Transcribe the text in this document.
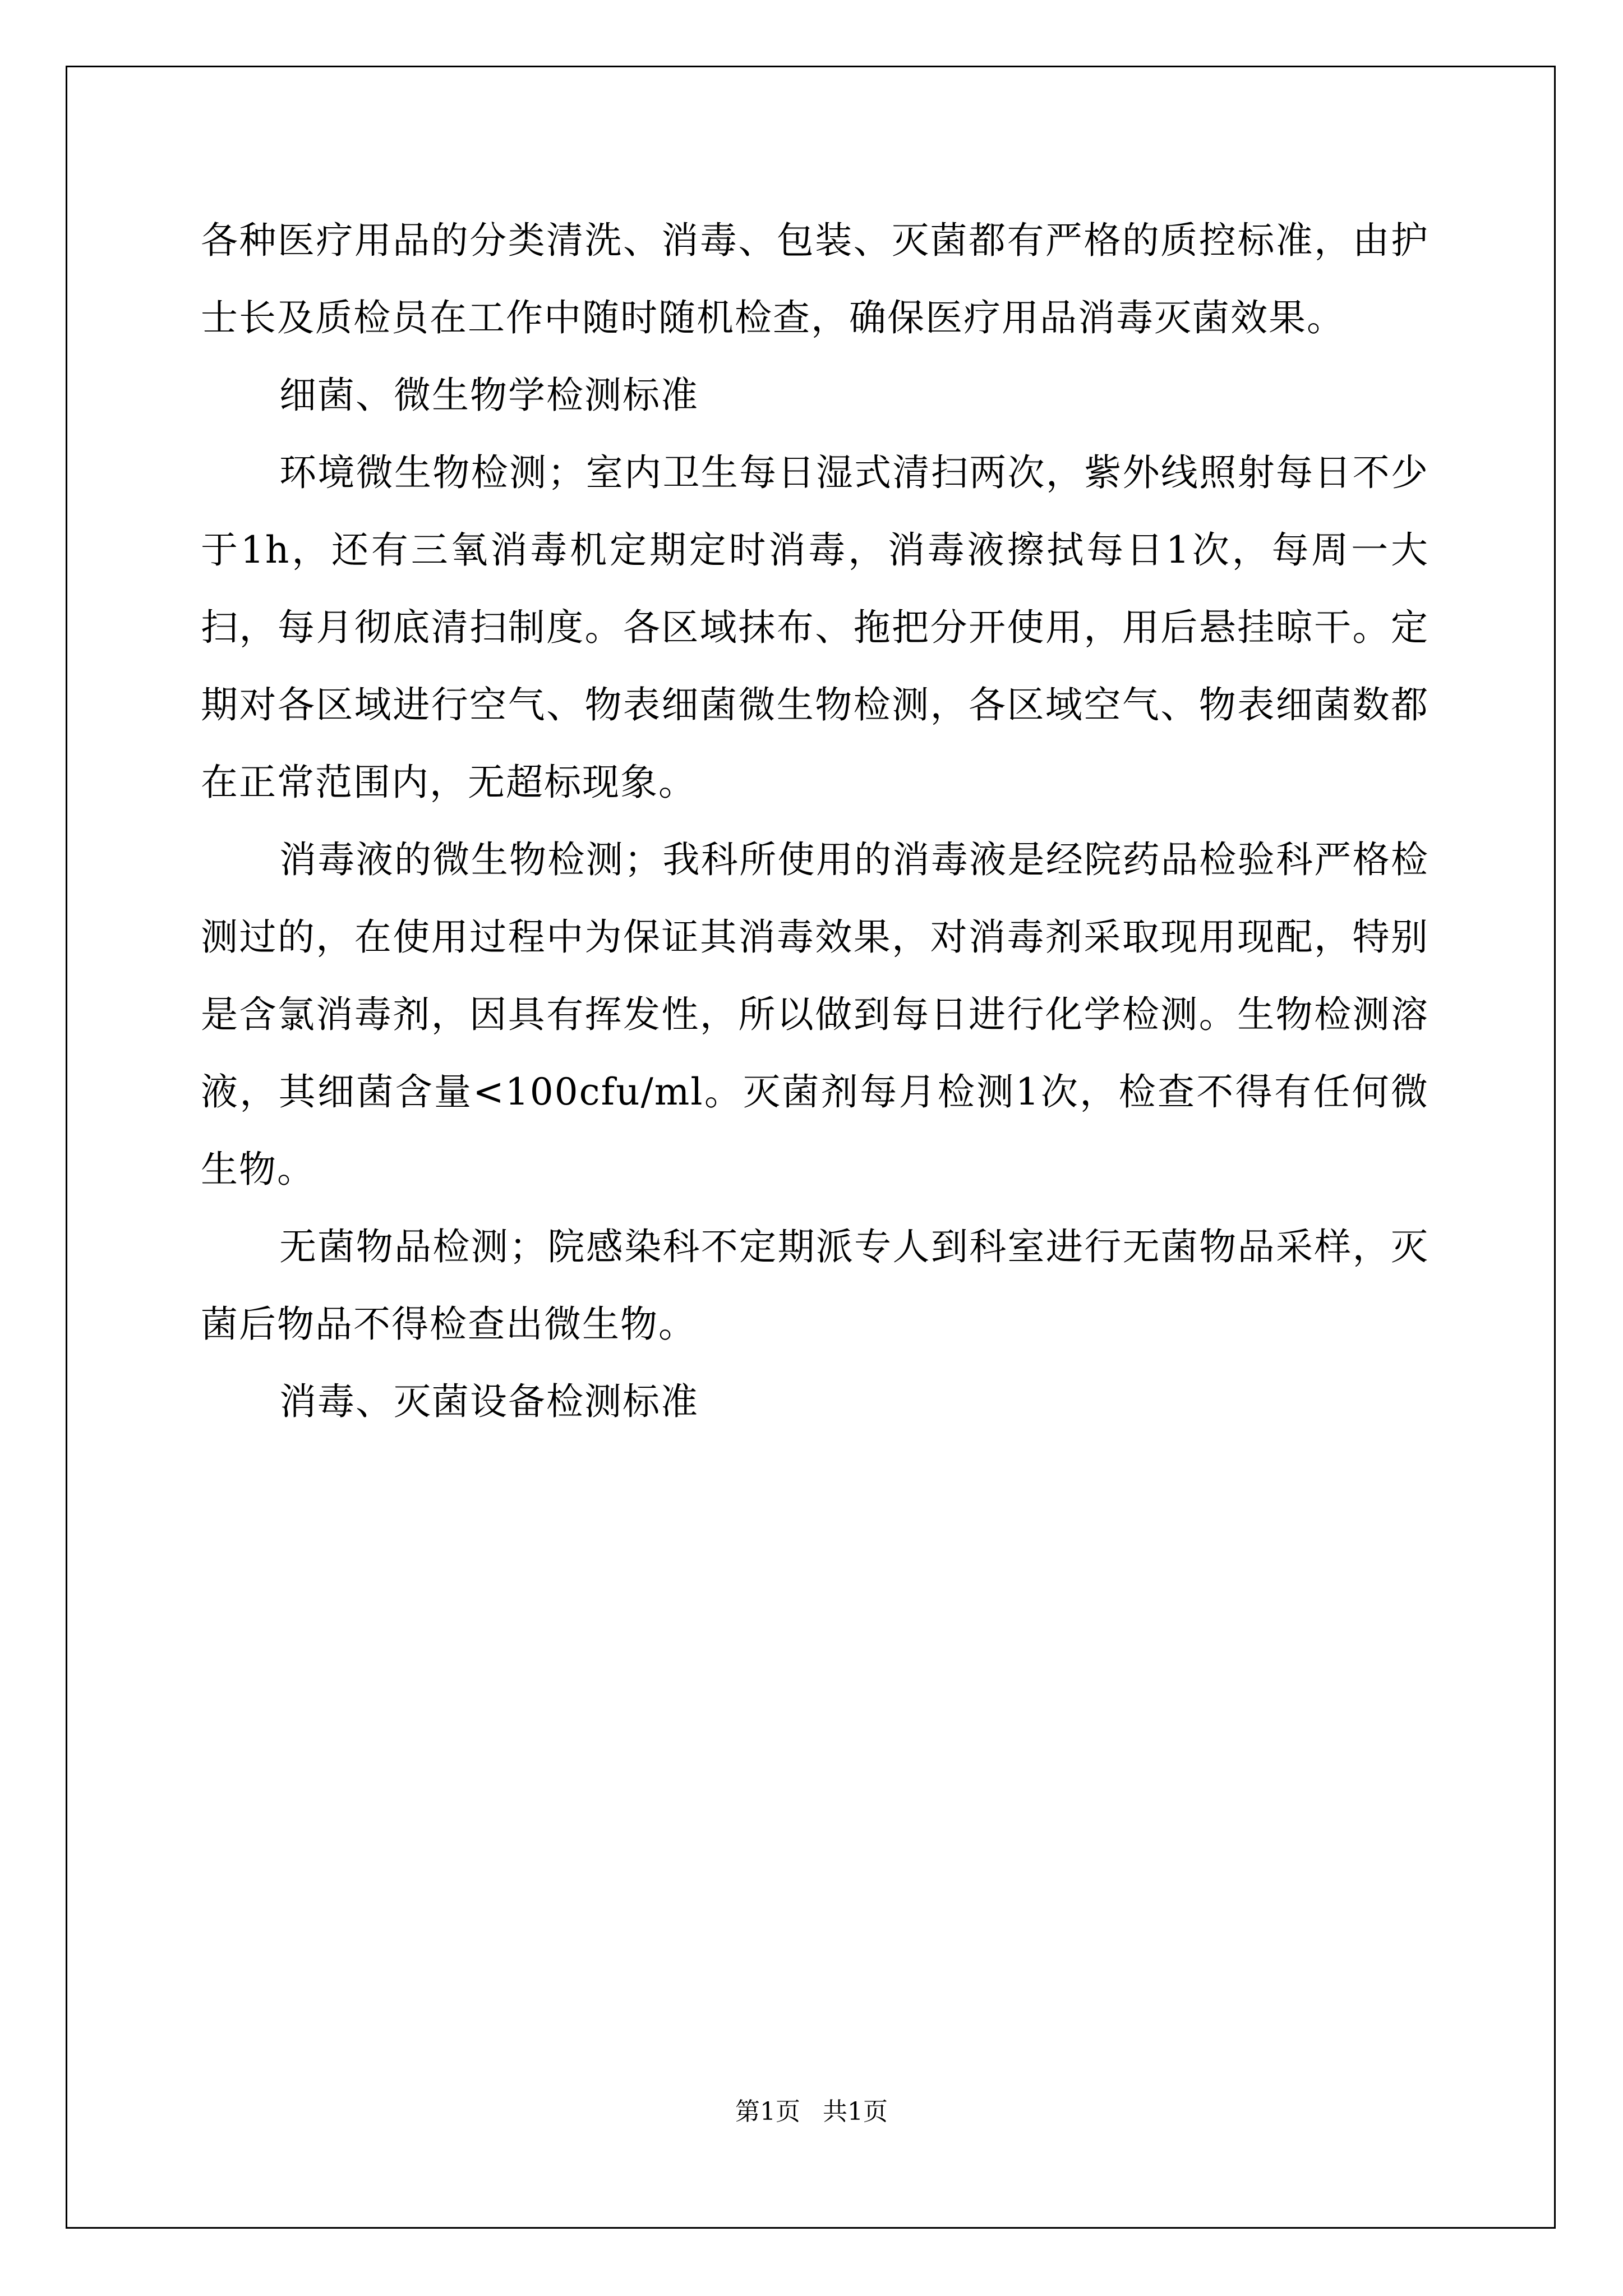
各种医疗用品的分类清洗、消毒、包装、灭菌都有严格的质控标准，由护士长及质检员在工作中随时随机检查，确保医疗用品消毒灭菌效果。

细菌、微生物学检测标准

环境微生物检测；室内卫生每日湿式清扫两次，紫外线照射每日不少于1h，还有三氧消毒机定期定时消毒，消毒液擦拭每日1次，每周一大扫，每月彻底清扫制度。各区域抹布、拖把分开使用，用后悬挂晾干。定期对各区域进行空气、物表细菌微生物检测，各区域空气、物表细菌数都在正常范围内，无超标现象。

消毒液的微生物检测；我科所使用的消毒液是经院药品检验科严格检测过的，在使用过程中为保证其消毒效果，对消毒剂采取现用现配，特别是含氯消毒剂，因具有挥发性，所以做到每日进行化学检测。生物检测溶液，其细菌含量<100cfu/ml。灭菌剂每月检测1次，检查不得有任何微生物。

无菌物品检测；院感染科不定期派专人到科室进行无菌物品采样，灭菌后物品不得检查出微生物。

消毒、灭菌设备检测标准

第1页 共1页
